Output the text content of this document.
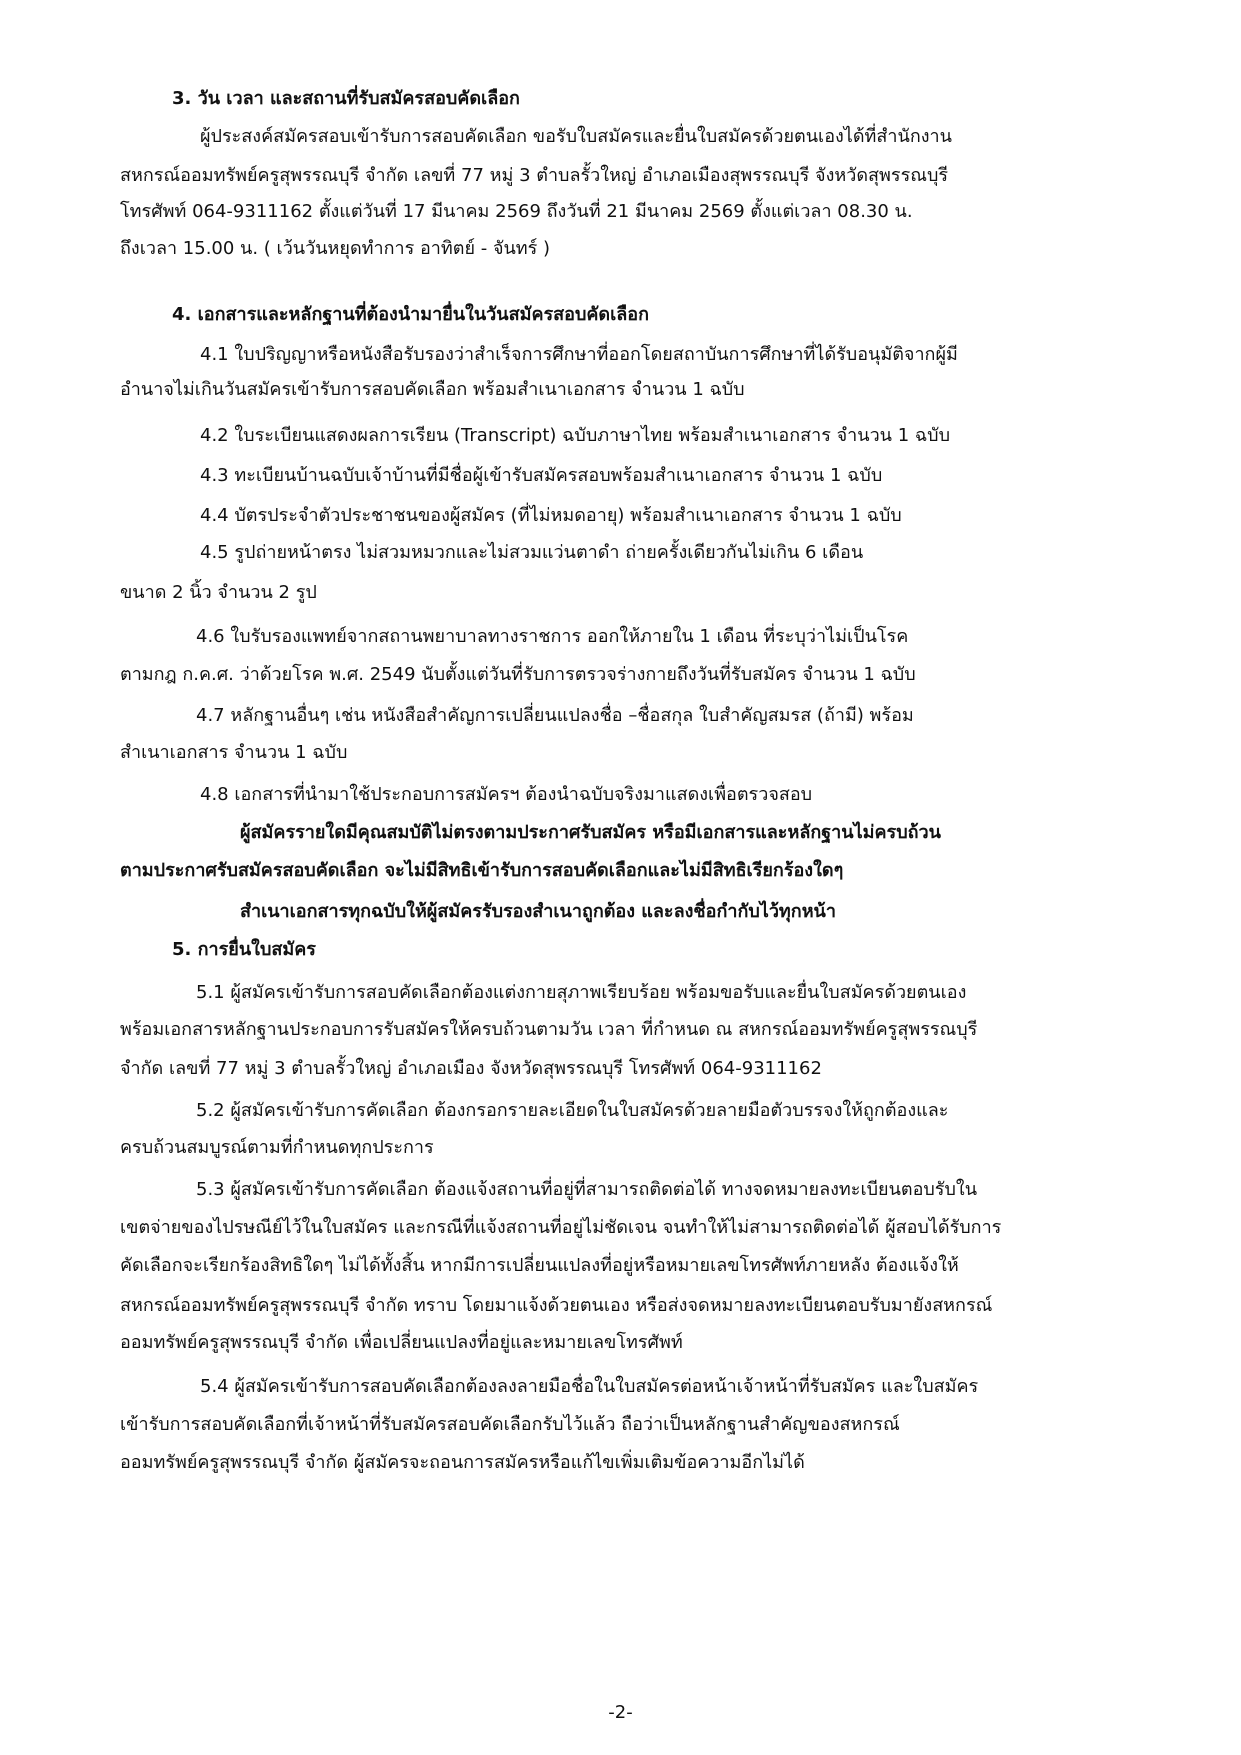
3. วัน เวลา และสถานที่รับสมัครสอบคัดเลือก
ผู้ประสงค์สมัครสอบเข้ารับการสอบคัดเลือก ขอรับใบสมัครและยื่นใบสมัครด้วยตนเองได้ที่สำนักงาน
สหกรณ์ออมทรัพย์ครูสุพรรณบุรี จำกัด เลขที่ 77 หมู่ 3 ตำบลรั้วใหญ่ อำเภอเมืองสุพรรณบุรี จังหวัดสุพรรณบุรี
โทรศัพท์ 064-9311162 ตั้งแต่วันที่ 17 มีนาคม 2569 ถึงวันที่ 21 มีนาคม 2569 ตั้งแต่เวลา 08.30 น.
ถึงเวลา 15.00 น. ( เว้นวันหยุดทำการ อาทิตย์ - จันทร์ )
4. เอกสารและหลักฐานที่ต้องนำมายื่นในวันสมัครสอบคัดเลือก
4.1 ใบปริญญาหรือหนังสือรับรองว่าสำเร็จการศึกษาที่ออกโดยสถาบันการศึกษาที่ได้รับอนุมัติจากผู้มี
อำนาจไม่เกินวันสมัครเข้ารับการสอบคัดเลือก พร้อมสำเนาเอกสาร จำนวน 1 ฉบับ
4.2 ใบระเบียนแสดงผลการเรียน (Transcript) ฉบับภาษาไทย พร้อมสำเนาเอกสาร จำนวน 1 ฉบับ
4.3 ทะเบียนบ้านฉบับเจ้าบ้านที่มีชื่อผู้เข้ารับสมัครสอบพร้อมสำเนาเอกสาร จำนวน 1 ฉบับ
4.4 บัตรประจำตัวประชาชนของผู้สมัคร (ที่ไม่หมดอายุ) พร้อมสำเนาเอกสาร จำนวน 1 ฉบับ
4.5 รูปถ่ายหน้าตรง ไม่สวมหมวกและไม่สวมแว่นตาดำ ถ่ายครั้งเดียวกันไม่เกิน 6 เดือน
ขนาด 2 นิ้ว จำนวน 2 รูป
4.6 ใบรับรองแพทย์จากสถานพยาบาลทางราชการ ออกให้ภายใน 1 เดือน ที่ระบุว่าไม่เป็นโรค
ตามกฎ ก.ค.ศ. ว่าด้วยโรค พ.ศ. 2549 นับตั้งแต่วันที่รับการตรวจร่างกายถึงวันที่รับสมัคร จำนวน 1 ฉบับ
4.7 หลักฐานอื่นๆ เช่น หนังสือสำคัญการเปลี่ยนแปลงชื่อ –ชื่อสกุล ใบสำคัญสมรส (ถ้ามี) พร้อม
สำเนาเอกสาร จำนวน 1 ฉบับ
4.8 เอกสารที่นำมาใช้ประกอบการสมัครฯ ต้องนำฉบับจริงมาแสดงเพื่อตรวจสอบ
ผู้สมัครรายใดมีคุณสมบัติไม่ตรงตามประกาศรับสมัคร หรือมีเอกสารและหลักฐานไม่ครบถ้วน
ตามประกาศรับสมัครสอบคัดเลือก จะไม่มีสิทธิเข้ารับการสอบคัดเลือกและไม่มีสิทธิเรียกร้องใดๆ
สำเนาเอกสารทุกฉบับให้ผู้สมัครรับรองสำเนาถูกต้อง และลงชื่อกำกับไว้ทุกหน้า
5. การยื่นใบสมัคร
5.1 ผู้สมัครเข้ารับการสอบคัดเลือกต้องแต่งกายสุภาพเรียบร้อย พร้อมขอรับและยื่นใบสมัครด้วยตนเอง
พร้อมเอกสารหลักฐานประกอบการรับสมัครให้ครบถ้วนตามวัน เวลา ที่กำหนด ณ สหกรณ์ออมทรัพย์ครูสุพรรณบุรี
จำกัด เลขที่ 77 หมู่ 3 ตำบลรั้วใหญ่ อำเภอเมือง จังหวัดสุพรรณบุรี โทรศัพท์ 064-9311162
5.2 ผู้สมัครเข้ารับการคัดเลือก ต้องกรอกรายละเอียดในใบสมัครด้วยลายมือตัวบรรจงให้ถูกต้องและ
ครบถ้วนสมบูรณ์ตามที่กำหนดทุกประการ
5.3 ผู้สมัครเข้ารับการคัดเลือก ต้องแจ้งสถานที่อยู่ที่สามารถติดต่อได้ ทางจดหมายลงทะเบียนตอบรับใน
เขตจ่ายของไปรษณีย์ไว้ในใบสมัคร และกรณีที่แจ้งสถานที่อยู่ไม่ชัดเจน จนทำให้ไม่สามารถติดต่อได้ ผู้สอบได้รับการ
คัดเลือกจะเรียกร้องสิทธิใดๆ ไม่ได้ทั้งสิ้น หากมีการเปลี่ยนแปลงที่อยู่หรือหมายเลขโทรศัพท์ภายหลัง ต้องแจ้งให้
สหกรณ์ออมทรัพย์ครูสุพรรณบุรี จำกัด ทราบ โดยมาแจ้งด้วยตนเอง หรือส่งจดหมายลงทะเบียนตอบรับมายังสหกรณ์
ออมทรัพย์ครูสุพรรณบุรี จำกัด เพื่อเปลี่ยนแปลงที่อยู่และหมายเลขโทรศัพท์
5.4 ผู้สมัครเข้ารับการสอบคัดเลือกต้องลงลายมือชื่อในใบสมัครต่อหน้าเจ้าหน้าที่รับสมัคร และใบสมัคร
เข้ารับการสอบคัดเลือกที่เจ้าหน้าที่รับสมัครสอบคัดเลือกรับไว้แล้ว ถือว่าเป็นหลักฐานสำคัญของสหกรณ์
ออมทรัพย์ครูสุพรรณบุรี จำกัด ผู้สมัครจะถอนการสมัครหรือแก้ไขเพิ่มเติมข้อความอีกไม่ได้
-2-
